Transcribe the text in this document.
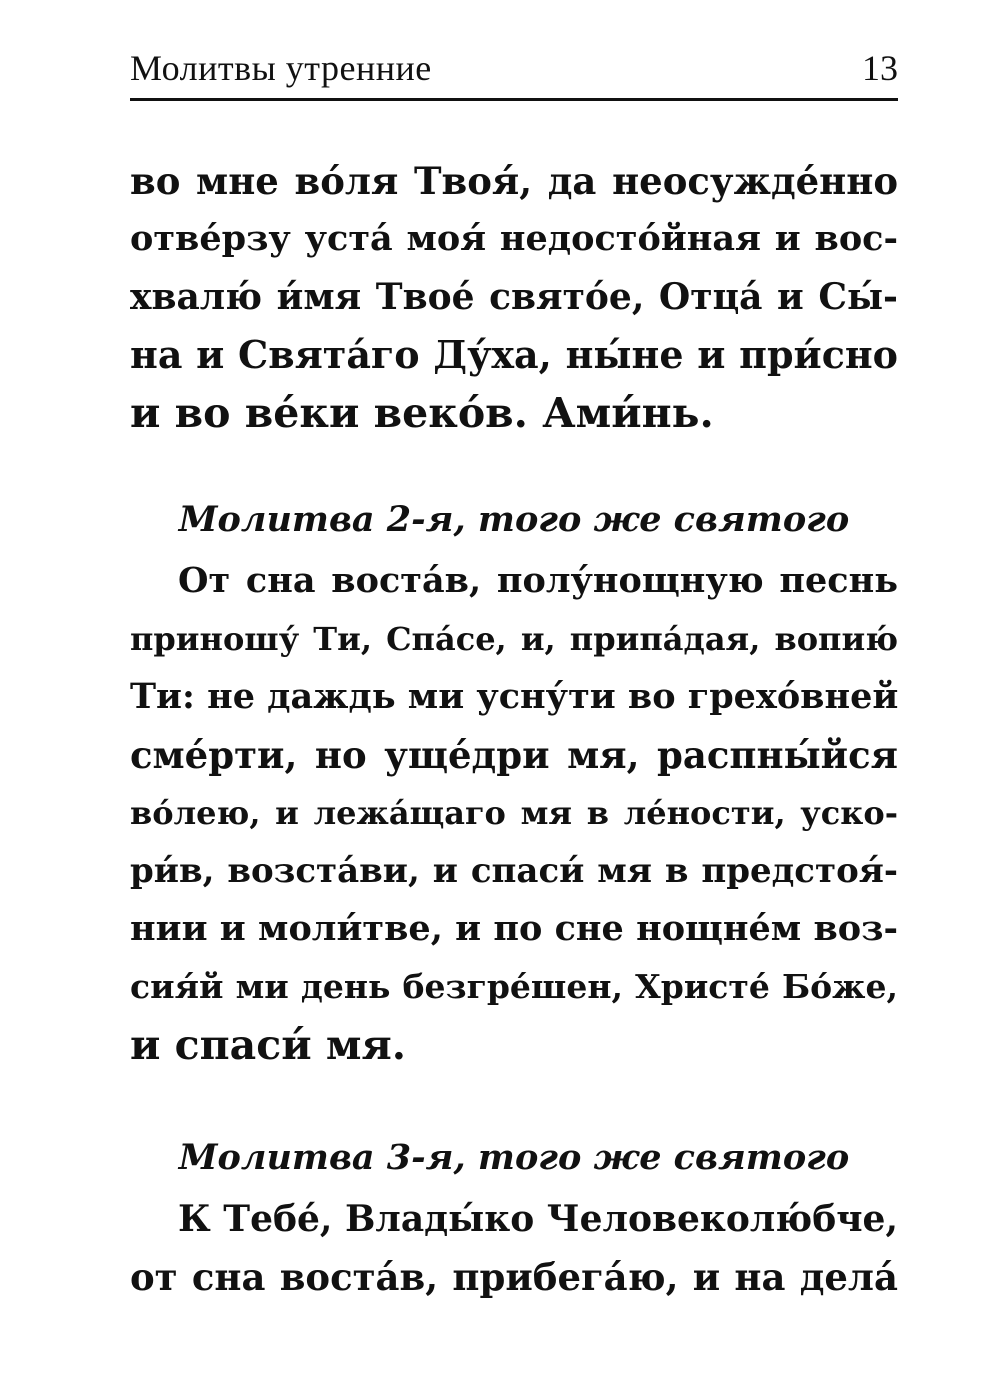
Молитвы утренние	13
во мне во́ля Твоя́, да неосужде́нно
отве́рзу уста́ моя́ недосто́йная и вос-
хвалю́ и́мя Твое́ свято́е, Отца́ и Сы́-
на и Свята́го Ду́ха, ны́не и при́сно
и во ве́ки веко́в. Ами́нь.
Молитва 2-я, того же святого
От сна воста́в, полу́нощную песнь
приношу́ Ти, Спа́се, и, припа́дая, вопию́
Ти: не даждь ми усну́ти во грехо́вней
сме́рти, но уще́дри мя, распны́йся
во́лею, и лежа́щаго мя в ле́ности, уско-
ри́в, возста́ви, и спаси́ мя в предстоя́-
нии и моли́тве, и по сне нощне́м воз-
сия́й ми день безгре́шен, Христе́ Бо́же,
и спаси́ мя.
Молитва 3-я, того же святого
К Тебе́, Влады́ко Человеколю́бче,
от сна воста́в, прибега́ю, и на дела́
